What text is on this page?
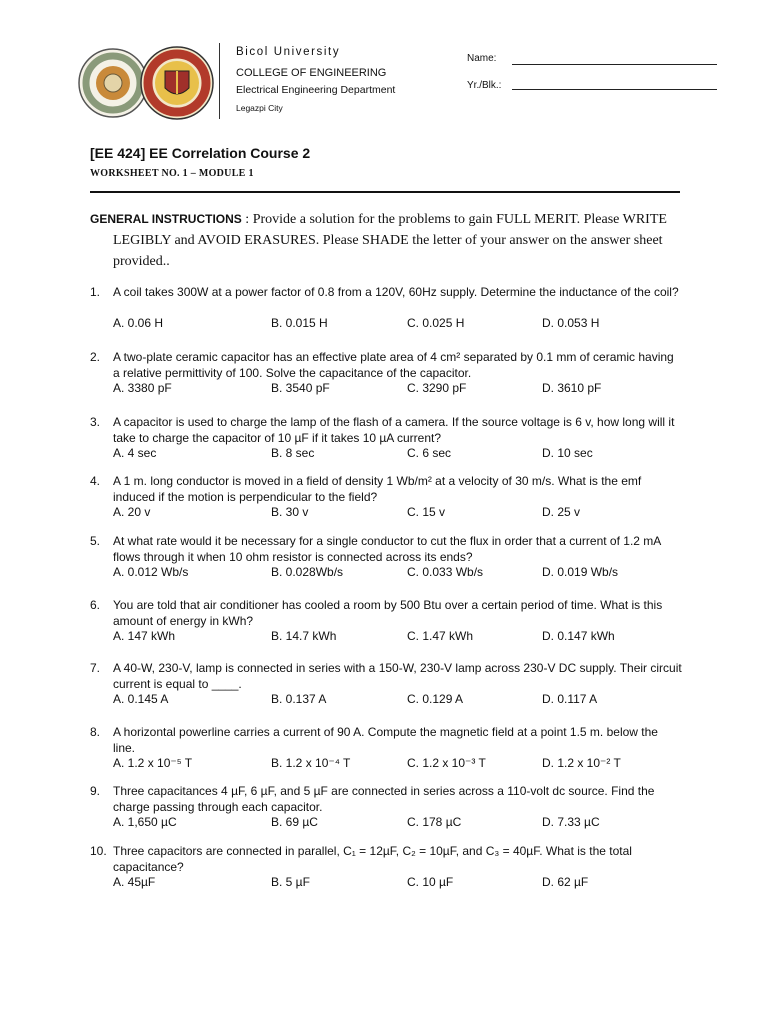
Bicol University
COLLEGE OF ENGINEERING
Electrical Engineering Department
Legazpi City
Name:
Yr./Blk.:
[EE 424] EE Correlation Course 2
WORKSHEET NO. 1 – MODULE 1
GENERAL INSTRUCTIONS : Provide a solution for the problems to gain FULL MERIT. Please WRITE
LEGIBLY and AVOID ERASURES. Please SHADE the letter of your answer on the answer sheet
provided..
1. A coil takes 300W at a power factor of 0.8 from a 120V, 60Hz supply. Determine the inductance of the coil?
A. 0.06 H	B. 0.015 H	C. 0.025 H	D. 0.053 H
2. A two-plate ceramic capacitor has an effective plate area of 4 cm² separated by 0.1 mm of ceramic having a relative permittivity of 100. Solve the capacitance of the capacitor.
A. 3380 pF	B. 3540 pF	C. 3290 pF	D. 3610 pF
3. A capacitor is used to charge the lamp of the flash of a camera. If the source voltage is 6 v, how long will it take to charge the capacitor of 10 µF if it takes 10 µA current?
A. 4 sec	B. 8 sec	C. 6 sec	D. 10 sec
4. A 1 m. long conductor is moved in a field of density 1 Wb/m² at a velocity of 30 m/s. What is the emf induced if the motion is perpendicular to the field?
A. 20 v	B. 30 v	C. 15 v	D. 25 v
5. At what rate would it be necessary for a single conductor to cut the flux in order that a current of 1.2 mA flows through it when 10 ohm resistor is connected across its ends?
A. 0.012 Wb/s	B. 0.028Wb/s	C. 0.033 Wb/s	D. 0.019 Wb/s
6. You are told that air conditioner has cooled a room by 500 Btu over a certain period of time. What is this amount of energy in kWh?
A. 147 kWh	B. 14.7 kWh	C. 1.47 kWh	D. 0.147 kWh
7. A 40-W, 230-V, lamp is connected in series with a 150-W, 230-V lamp across 230-V DC supply. Their circuit current is equal to ____.
A. 0.145 A	B. 0.137 A	C. 0.129 A	D. 0.117 A
8. A horizontal powerline carries a current of 90 A. Compute the magnetic field at a point 1.5 m. below the line.
A. 1.2 x 10⁻⁵ T	B. 1.2 x 10⁻⁴ T	C. 1.2 x 10⁻³ T	D. 1.2 x 10⁻² T
9. Three capacitances 4 µF, 6 µF, and 5 µF are connected in series across a 110-volt dc source. Find the charge passing through each capacitor.
A. 1,650 µC	B. 69 µC	C. 178 µC	D. 7.33 µC
10. Three capacitors are connected in parallel, C₁ = 12µF, C₂ = 10µF, and C₃ = 40µF. What is the total capacitance?
A. 45µF	B. 5 µF	C. 10 µF	D. 62 µF
